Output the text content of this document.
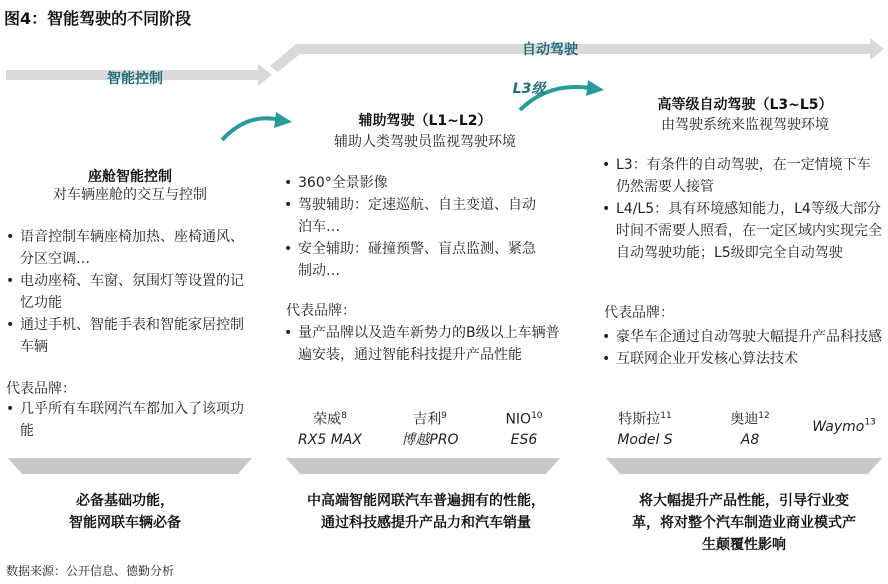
图4：智能驾驶的不同阶段
智能控制
自动驾驶
L3级
座舱智能控制
对车辆座舱的交互与控制
• 语音控制车辆座椅加热、座椅通风、分区空调…
• 电动座椅、车窗、氛围灯等设置的记忆功能
• 通过手机、智能手表和智能家居控制车辆
代表品牌：
• 几乎所有车联网汽车都加入了该项功能
必备基础功能，
智能网联车辆必备
辅助驾驶（L1~L2）
辅助人类驾驶员监视驾驶环境
• 360°全景影像
• 驾驶辅助：定速巡航、自主变道、自动泊车…
• 安全辅助：碰撞预警、盲点监测、紧急制动…
代表品牌：
• 量产品牌以及造车新势力的B级以上车辆普遍安装，通过智能科技提升产品性能
荣威$^8$
RX5 MAX
吉利$^9$
博越PRO
NIO$^{10}$
ES6
中高端智能网联汽车普遍拥有的性能，
通过科技感提升产品力和汽车销量
高等级自动驾驶（L3~L5）
由驾驶系统来监视驾驶环境
• L3：有条件的自动驾驶，在一定情境下车仍然需要人接管
• L4/L5：具有环境感知能力，L4等级大部分时间不需要人照看，在一定区域内实现完全自动驾驶功能；L5级即完全自动驾驶
代表品牌：
• 豪华车企通过自动驾驶大幅提升产品科技感
• 互联网企业开发核心算法技术
特斯拉$^{11}$
Model S
奥迪$^{12}$
A8
Waymo$^{13}$
将大幅提升产品性能，引导行业变
革，将对整个汽车制造业商业模式产
生颠覆性影响
数据来源：公开信息、德勤分析
